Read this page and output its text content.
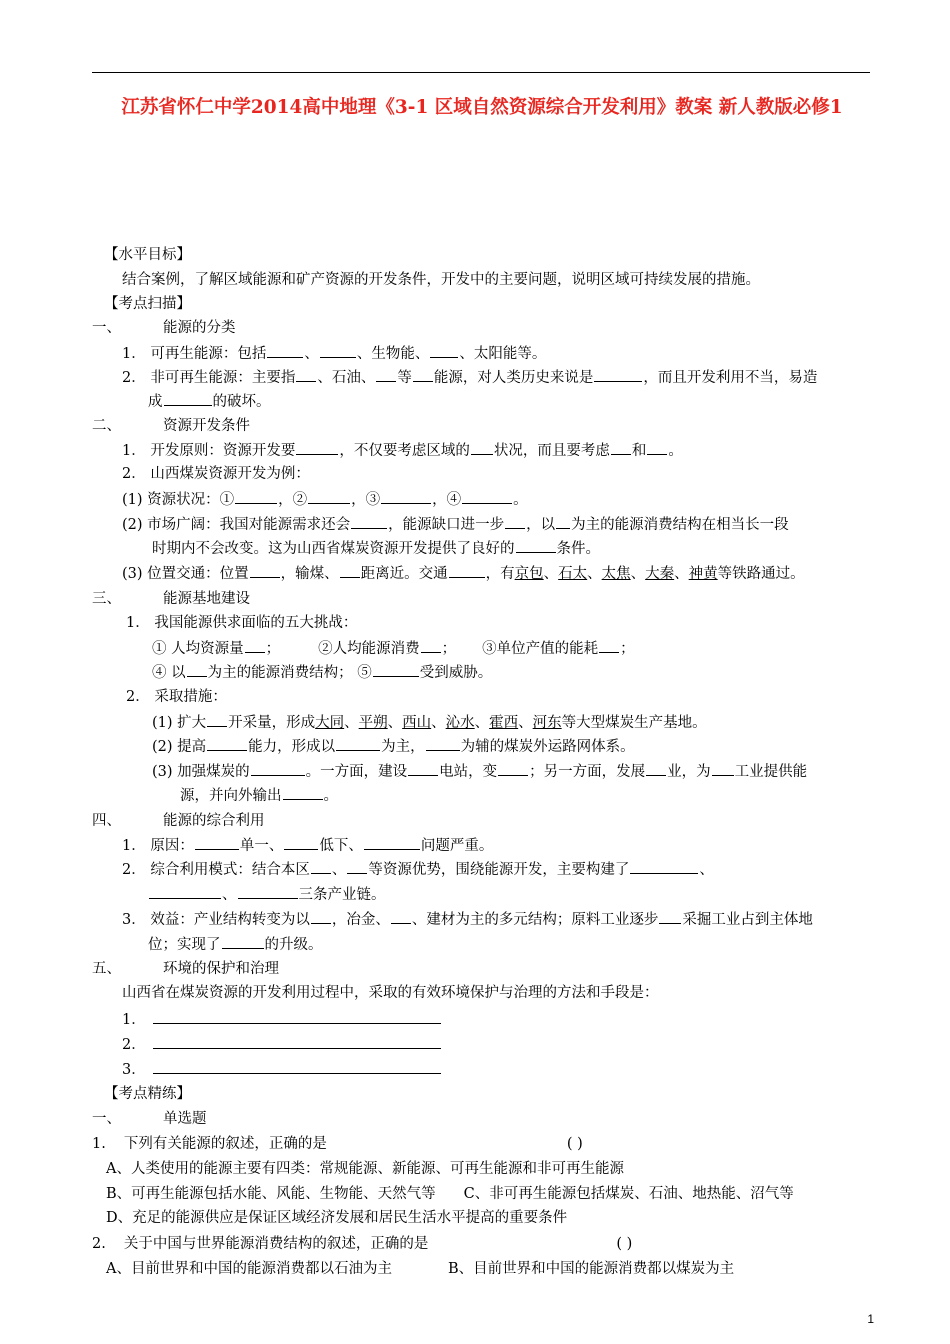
江苏省怀仁中学2014高中地理《3-1 区域自然资源综合开发利用》教案 新人教版必修1
【水平目标】
结合案例，了解区域能源和矿产资源的开发条件，开发中的主要问题，说明区域可持续发展的措施。
【考点扫描】
一、	能源的分类
1． 可再生能源：包括	、	、生物能、 、太阳能等。
2． 非可再生能源：主要指 、石油、 等 能源，对人类历史来说是	，而且开发利用不当，易造
成	的破坏。
二、	资源开发条件
1． 开发原则：资源开发要	，不仅要考虑区域的 状况，而且要考虑 和 。
2． 山西煤炭资源开发为例：
(1) 资源状况：①	，②	，③	，④	。
(2) 市场广阔：我国对能源需求还会	，能源缺口进一步 ，以 为主的能源消费结构在相当长一段
时期内不会改变。这为山西省煤炭资源开发提供了良好的	条件。
(3) 位置交通：位置 ，输煤、 距离近。交通	，有京包、石太、太焦、大秦、神黄等铁路通过。
三、	能源基地建设
1． 我国能源供求面临的五大挑战：
① 人均资源量 ；	②人均能源消费 ； ③单位产值的能耗 ；
④ 以 为主的能源消费结构； ⑤	受到威胁。
2． 采取措施：
(1) 扩大 开采量，形成大同、平朔、西山、沁水、霍西、河东等大型煤炭生产基地。
(2) 提高	能力，形成以	为主， 为辅的煤炭外运路网体系。
(3) 加强煤炭的	。一方面，建设 电站，变 ；另一方面，发展 业，为 工业提供能
源，并向外输出	。
四、	能源的综合利用
1． 原因：	单一、 低下、	问题严重。
2． 综合利用模式：结合本区 、 等资源优势，围绕能源开发，主要构建了	、
、	三条产业链。
3． 效益：产业结构转变为以 ，冶金、 、建材为主的多元结构；原料工业逐步 采掘工业占到主体地
位；实现了	的升级。
五、	环境的保护和治理
山西省在煤炭资源的开发利用过程中，采取的有效环境保护与治理的方法和手段是：
1．
2．
3．
【考点精练】
一、	单选题
1. 下列有关能源的叙述，正确的是	( )
A、人类使用的能源主要有四类：常规能源、新能源、可再生能源和非可再生能源
B、可再生能源包括水能、风能、生物能、天然气等 C、非可再生能源包括煤炭、石油、地热能、沼气等
D、充足的能源供应是保证区域经济发展和居民生活水平提高的重要条件
2. 关于中国与世界能源消费结构的叙述，正确的是	( )
A、目前世界和中国的能源消费都以石油为主	B、目前世界和中国的能源消费都以煤炭为主
1
